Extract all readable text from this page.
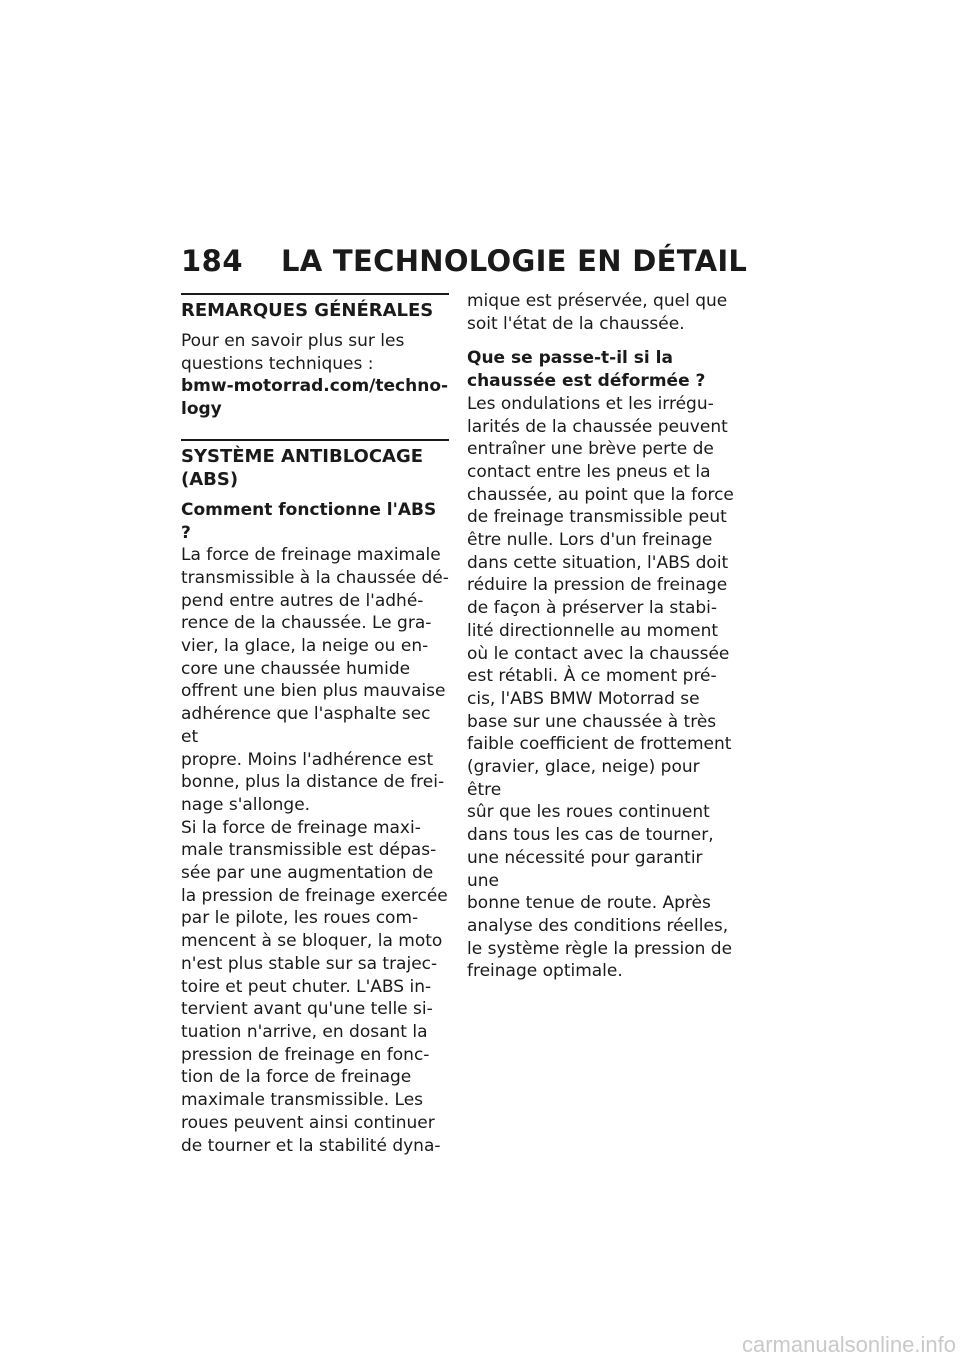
184	LA TECHNOLOGIE EN DÉTAIL
REMARQUES GÉNÉRALES

Pour en savoir plus sur les
questions techniques :

bmw-motorrad.com/techno-
logy

SYSTÈME ANTIBLOCAGE
(ABS)

Comment fonctionne l'ABS ?

La force de freinage maximale
transmissible à la chaussée dé-
pend entre autres de l'adhé-
rence de la chaussée. Le gra-
vier, la glace, la neige ou en-
core une chaussée humide
offrent une bien plus mauvaise
adhérence que l'asphalte sec et
propre. Moins l'adhérence est
bonne, plus la distance de frei-
nage s'allonge.

Si la force de freinage maxi-
male transmissible est dépas-
sée par une augmentation de
la pression de freinage exercée
par le pilote, les roues com-
mencent à se bloquer, la moto
n'est plus stable sur sa trajec-
toire et peut chuter. L'ABS in-
tervient avant qu'une telle si-
tuation n'arrive, en dosant la
pression de freinage en fonc-
tion de la force de freinage
maximale transmissible. Les
roues peuvent ainsi continuer
de tourner et la stabilité dyna-

mique est préservée, quel que
soit l'état de la chaussée.

Que se passe-t-il si la
chaussée est déformée ?

Les ondulations et les irrégu-
larités de la chaussée peuvent
entraîner une brève perte de
contact entre les pneus et la
chaussée, au point que la force
de freinage transmissible peut
être nulle. Lors d'un freinage
dans cette situation, l'ABS doit
réduire la pression de freinage
de façon à préserver la stabi-
lité directionnelle au moment
où le contact avec la chaussée
est rétabli. À ce moment pré-
cis, l'ABS BMW Motorrad se
base sur une chaussée à très
faible coefficient de frottement
(gravier, glace, neige) pour être
sûr que les roues continuent
dans tous les cas de tourner,
une nécessité pour garantir une
bonne tenue de route. Après
analyse des conditions réelles,
le système règle la pression de
freinage optimale.

carmanualsonline.info
